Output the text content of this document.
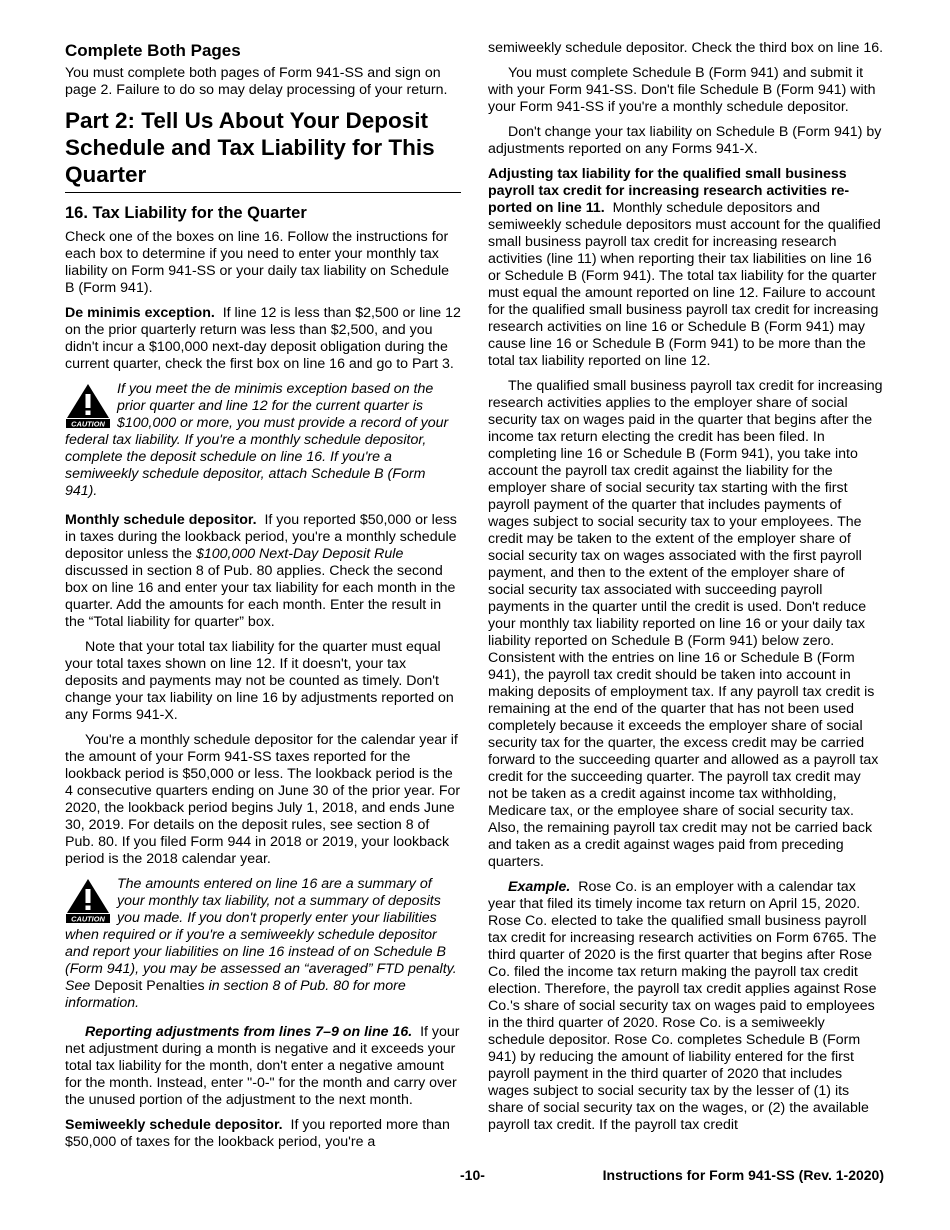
Complete Both Pages

You must complete both pages of Form 941-SS and sign on page 2. Failure to do so may delay processing of your return.

Part 2: Tell Us About Your Deposit Schedule and Tax Liability for This Quarter
16. Tax Liability for the Quarter

Check one of the boxes on line 16. Follow the instructions for each box to determine if you need to enter your monthly tax liability on Form 941-SS or your daily tax liability on Schedule B (Form 941).

De minimis exception. If line 12 is less than $2,500 or line 12 on the prior quarterly return was less than $2,500, and you didn't incur a $100,000 next-day deposit obligation during the current quarter, check the first box on line 16 and go to Part 3.

CAUTION
If you meet the de minimis exception based on the prior quarter and line 12 for the current quarter is $100,000 or more, you must provide a record of your federal tax liability. If you're a monthly schedule depositor, complete the deposit schedule on line 16. If you're a semiweekly schedule depositor, attach Schedule B (Form 941).

Monthly schedule depositor. If you reported $50,000 or less in taxes during the lookback period, you're a monthly schedule depositor unless the $100,000 Next-Day Deposit Rule discussed in section 8 of Pub. 80 applies. Check the second box on line 16 and enter your tax liability for each month in the quarter. Add the amounts for each month. Enter the result in the “Total liability for quarter” box.

Note that your total tax liability for the quarter must equal your total taxes shown on line 12. If it doesn't, your tax deposits and payments may not be counted as timely. Don't change your tax liability on line 16 by adjustments reported on any Forms 941-X.

You're a monthly schedule depositor for the calendar year if the amount of your Form 941-SS taxes reported for the lookback period is $50,000 or less. The lookback period is the 4 consecutive quarters ending on June 30 of the prior year. For 2020, the lookback period begins July 1, 2018, and ends June 30, 2019. For details on the deposit rules, see section 8 of Pub. 80. If you filed Form 944 in 2018 or 2019, your lookback period is the 2018 calendar year.

CAUTION
The amounts entered on line 16 are a summary of your monthly tax liability, not a summary of deposits you made. If you don't properly enter your liabilities when required or if you're a semiweekly schedule depositor and report your liabilities on line 16 instead of on Schedule B (Form 941), you may be assessed an “averaged” FTD penalty. See Deposit Penalties in section 8 of Pub. 80 for more information.

Reporting adjustments from lines 7–9 on line 16. If your net adjustment during a month is negative and it exceeds your total tax liability for the month, don't enter a negative amount for the month. Instead, enter "-0-" for the month and carry over the unused portion of the adjustment to the next month.

Semiweekly schedule depositor. If you reported more than $50,000 of taxes for the lookback period, you're a

semiweekly schedule depositor. Check the third box on line 16.

You must complete Schedule B (Form 941) and submit it with your Form 941-SS. Don't file Schedule B (Form 941) with your Form 941-SS if you're a monthly schedule depositor.

Don't change your tax liability on Schedule B (Form 941) by adjustments reported on any Forms 941-X.

Adjusting tax liability for the qualified small business payroll tax credit for increasing research activities re-ported on line 11. Monthly schedule depositors and semiweekly schedule depositors must account for the qualified small business payroll tax credit for increasing research activities (line 11) when reporting their tax liabilities on line 16 or Schedule B (Form 941). The total tax liability for the quarter must equal the amount reported on line 12. Failure to account for the qualified small business payroll tax credit for increasing research activities on line 16 or Schedule B (Form 941) may cause line 16 or Schedule B (Form 941) to be more than the total tax liability reported on line 12.

The qualified small business payroll tax credit for increasing research activities applies to the employer share of social security tax on wages paid in the quarter that begins after the income tax return electing the credit has been filed. In completing line 16 or Schedule B (Form 941), you take into account the payroll tax credit against the liability for the employer share of social security tax starting with the first payroll payment of the quarter that includes payments of wages subject to social security tax to your employees. The credit may be taken to the extent of the employer share of social security tax on wages associated with the first payroll payment, and then to the extent of the employer share of social security tax associated with succeeding payroll payments in the quarter until the credit is used. Don't reduce your monthly tax liability reported on line 16 or your daily tax liability reported on Schedule B (Form 941) below zero. Consistent with the entries on line 16 or Schedule B (Form 941), the payroll tax credit should be taken into account in making deposits of employment tax. If any payroll tax credit is remaining at the end of the quarter that has not been used completely because it exceeds the employer share of social security tax for the quarter, the excess credit may be carried forward to the succeeding quarter and allowed as a payroll tax credit for the succeeding quarter. The payroll tax credit may not be taken as a credit against income tax withholding, Medicare tax, or the employee share of social security tax. Also, the remaining payroll tax credit may not be carried back and taken as a credit against wages paid from preceding quarters.

Example. Rose Co. is an employer with a calendar tax year that filed its timely income tax return on April 15, 2020. Rose Co. elected to take the qualified small business payroll tax credit for increasing research activities on Form 6765. The third quarter of 2020 is the first quarter that begins after Rose Co. filed the income tax return making the payroll tax credit election. Therefore, the payroll tax credit applies against Rose Co.'s share of social security tax on wages paid to employees in the third quarter of 2020. Rose Co. is a semiweekly schedule depositor. Rose Co. completes Schedule B (Form 941) by reducing the amount of liability entered for the first payroll payment in the third quarter of 2020 that includes wages subject to social security tax by the lesser of (1) its share of social security tax on the wages, or (2) the available payroll tax credit. If the payroll tax credit

-10-	Instructions for Form 941-SS (Rev. 1-2020)
